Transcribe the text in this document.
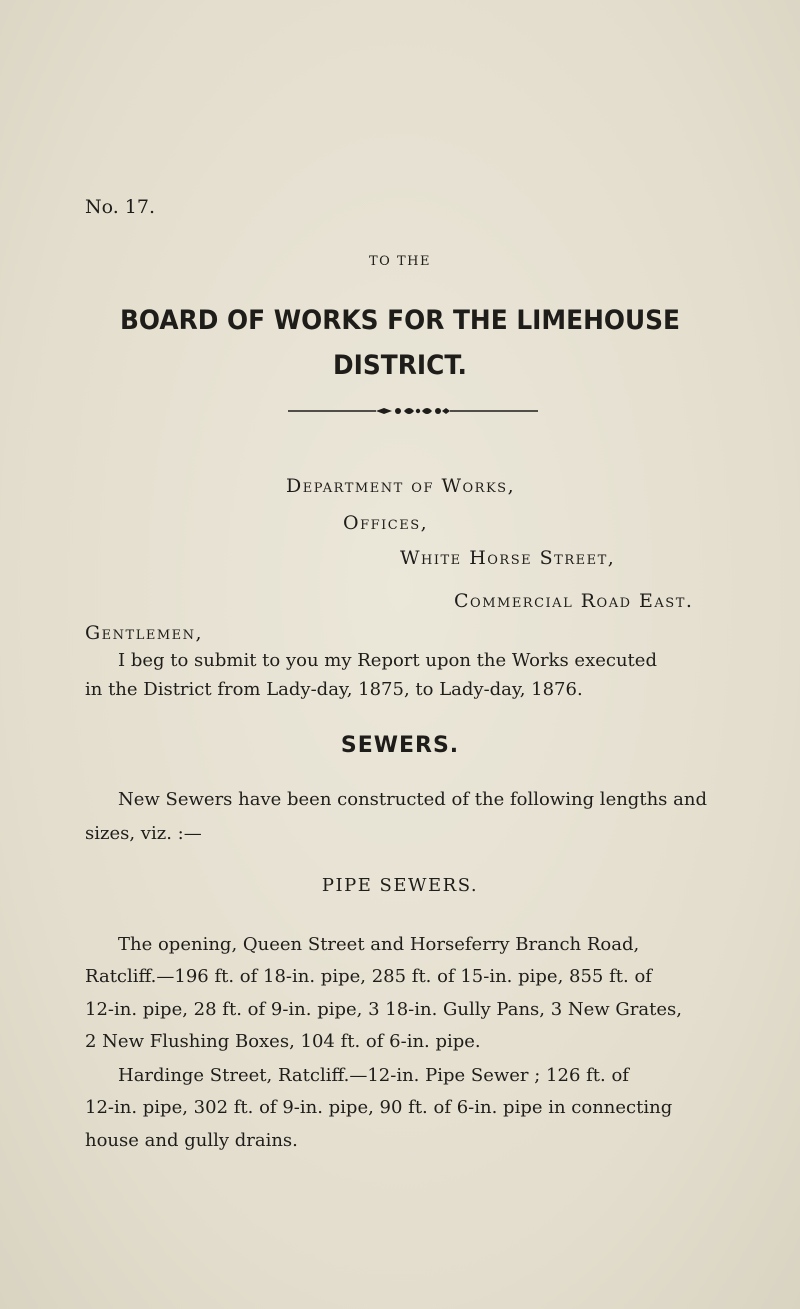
No. 17.
TO THE
BOARD OF WORKS FOR THE LIMEHOUSE
DISTRICT.
Department of Works,
Offices,
White Horse Street,
Commercial Road East.
Gentlemen,
I beg to submit to you my Report upon the Works executed
in the District from Lady-day, 1875, to Lady-day, 1876.
SEWERS.
New Sewers have been constructed of the following lengths and
sizes, viz. :—
PIPE SEWERS.
The opening, Queen Street and Horseferry Branch Road,
Ratcliff.—196 ft. of 18-in. pipe, 285 ft. of 15-in. pipe, 855 ft. of
12-in. pipe, 28 ft. of 9-in. pipe, 3 18-in. Gully Pans, 3 New Grates,
2 New Flushing Boxes, 104 ft. of 6-in. pipe.
Hardinge Street, Ratcliff.—12-in. Pipe Sewer ; 126 ft. of
12-in. pipe, 302 ft. of 9-in. pipe, 90 ft. of 6-in. pipe in connecting
house and gully drains.
